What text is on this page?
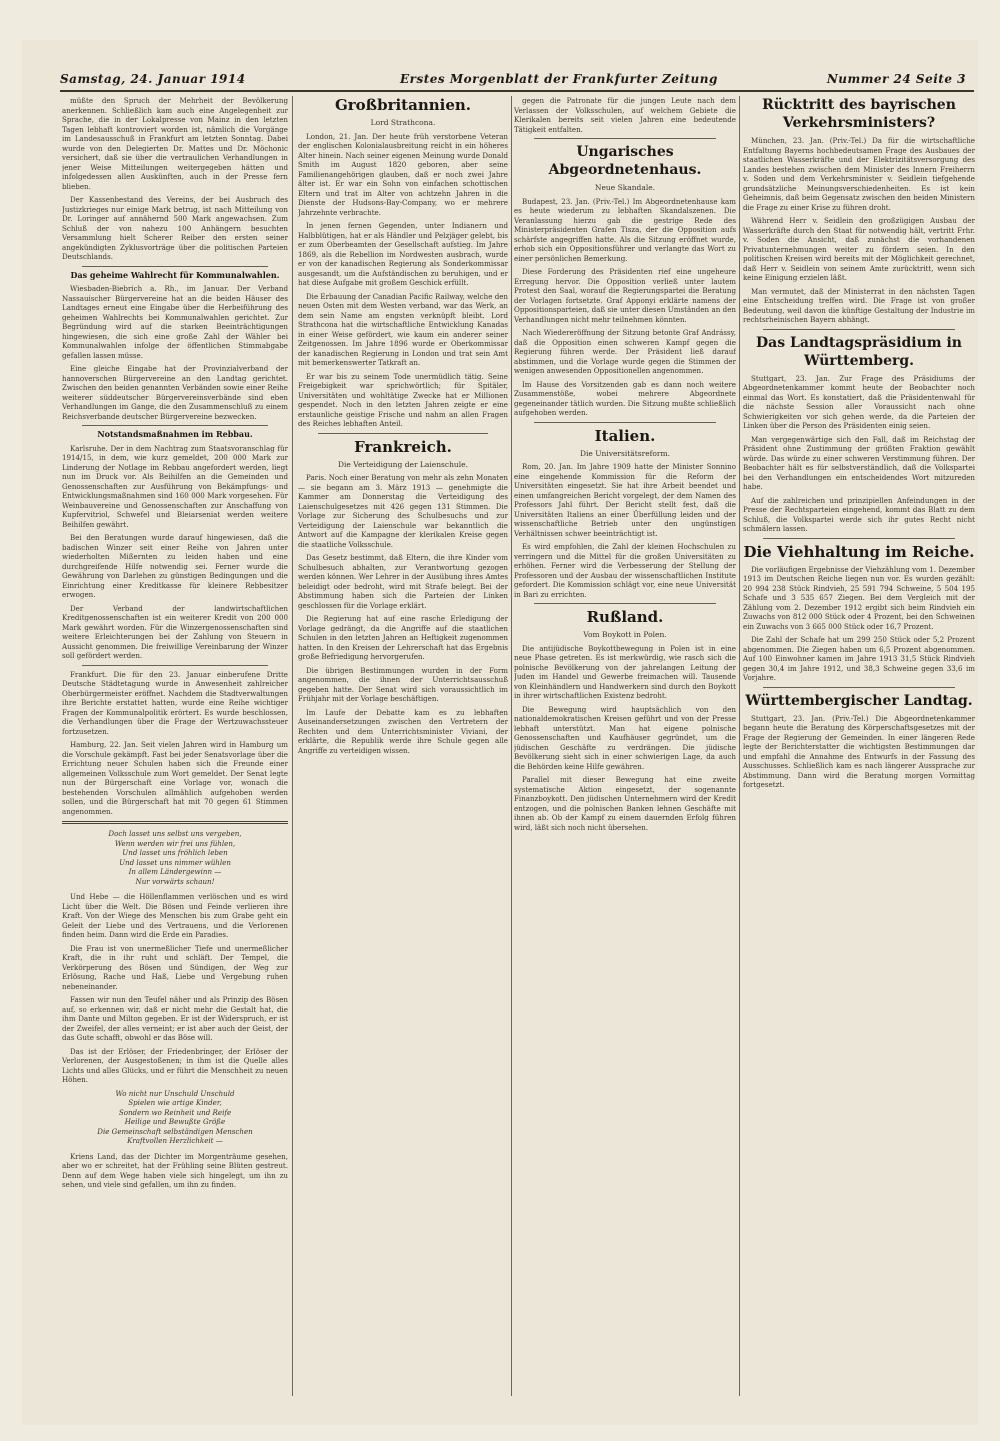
Samstag, 24. Januar 1914	Erstes Morgenblatt der Frankfurter Zeitung	Nummer 24 Seite 3

müßte den Spruch der Mehrheit der Bevölkerung anerkennen. Schließlich kam auch eine Angelegenheit zur Sprache, die in der Lokalpresse von Mainz in den letzten Tagen lebhaft kontroviert worden ist, nämlich die Vorgänge im Landesausschuß in Frankfurt am letzten Sonntag. Dabei wurde von den Delegierten Dr. Mattes und Dr. Möchonic versichert, daß sie über die vertraulichen Verhandlungen in jener Weise Mitteilungen weitergegeben hätten und infolgedessen allen Auskünften, auch in der Presse fern blieben.

Der Kassenbestand des Vereins, der bei Ausbruch des Justizkrieges nur einige Mark betrug, ist nach Mitteilung von Dr. Loringer auf annähernd 500 Mark angewachsen. Zum Schluß der von nahezu 100 Anhängern besuchten Versammlung hielt Scherer Reiber den ersten seiner angekündigten Zyklusvorträge über die politischen Parteien Deutschlands.

Das geheime Wahlrecht für Kommunalwahlen.

Wiesbaden-Biebrich a. Rh., im Januar. Der Verband Nassauischer Bürgervereine hat an die beiden Häuser des Landtages erneut eine Eingabe über die Herbeiführung des geheimen Wahlrechts bei Kommunalwahlen gerichtet. Zur Begründung wird auf die starken Beeinträchtigungen hingewiesen, die sich eine große Zahl der Wähler bei Kommunalwahlen infolge der öffentlichen Stimmabgabe gefallen lassen müsse.

Eine gleiche Eingabe hat der Provinzialverband der hannoverschen Bürgervereine an den Landtag gerichtet. Zwischen den beiden genannten Verbänden sowie einer Reihe weiterer süddeutscher Bürgervereinsverbände sind eben Verhandlungen im Gange, die den Zusammenschluß zu einem Reichsverbande deutscher Bürgervereine bezwecken.

Notstandsmaßnahmen im Rebbau.

Karlsruhe. Der in dem Nachtrag zum Staatsvoranschlag für 1914/15, in dem, wie kurz gemeldet, 200 000 Mark zur Linderung der Notlage im Rebbau angefordert werden, liegt nun im Druck vor. Als Beihilfen an die Gemeinden und Genossenschaften zur Ausführung von Bekämpfungs- und Entwicklungsmaßnahmen sind 160 000 Mark vorgesehen. Für Weinbauvereine und Genossenschaften zur Anschaffung von Kupfervitriol, Schwefel und Bleiarseniat werden weitere Beihilfen gewährt.

Bei den Beratungen wurde darauf hingewiesen, daß die badischen Winzer seit einer Reihe von Jahren unter wiederholten Mißernten zu leiden haben und eine durchgreifende Hilfe notwendig sei. Ferner wurde die Gewährung von Darlehen zu günstigen Bedingungen und die Einrichtung einer Kreditkasse für kleinere Rebbesitzer erwogen.

Der Verband der landwirtschaftlichen Kreditgenossenschaften ist ein weiterer Kredit von 200 000 Mark gewährt worden. Für die Winzergenossenschaften sind weitere Erleichterungen bei der Zahlung von Steuern in Aussicht genommen. Die freiwillige Vereinbarung der Winzer soll gefördert werden.

Frankfurt. Die für den 23. Januar einberufene Dritte Deutsche Städtetagung wurde in Anwesenheit zahlreicher Oberbürgermeister eröffnet. Nachdem die Stadtverwaltungen ihre Berichte erstattet hatten, wurde eine Reihe wichtiger Fragen der Kommunalpolitik erörtert. Es wurde beschlossen, die Verhandlungen über die Frage der Wertzuwachssteuer fortzusetzen.

Hamburg, 22. Jan. Seit vielen Jahren wird in Hamburg um die Vorschule gekämpft. Fast bei jeder Senatsvorlage über die Errichtung neuer Schulen haben sich die Freunde einer allgemeinen Volksschule zum Wort gemeldet. Der Senat legte nun der Bürgerschaft eine Vorlage vor, wonach die bestehenden Vorschulen allmählich aufgehoben werden sollen, und die Bürgerschaft hat mit 70 gegen 61 Stimmen angenommen.

Doch lasset uns selbst uns vergeben,
Wenn werden wir frei uns fühlen,
Und lasset uns fröhlich leben
Und lasset uns nimmer wühlen
In allem Ländergewinn —
Nur vorwärts schaun!

Und Hebe — die Höllenflammen verlöschen und es wird Licht über die Welt. Die Bösen und Feinde verlieren ihre Kraft. Von der Wiege des Menschen bis zum Grabe geht ein Geleit der Liebe und des Vertrauens, und die Verlorenen finden heim. Dann wird die Erde ein Paradies.

Die Frau ist von unermeßlicher Tiefe und unermeßlicher Kraft, die in ihr ruht und schläft. Der Tempel, die Verkörperung des Bösen und Sündigen, der Weg zur Erlösung, Rache und Haß, Liebe und Vergebung ruhen nebeneinander.

Fassen wir nun den Teufel näher und als Prinzip des Bösen auf, so erkennen wir, daß er nicht mehr die Gestalt hat, die ihm Dante und Milton gegeben. Er ist der Widerspruch, er ist der Zweifel, der alles verneint; er ist aber auch der Geist, der das Gute schafft, obwohl er das Böse will.

Das ist der Erlöser, der Friedenbringer, der Erlöser der Verlorenen, der Ausgestoßenen; in ihm ist die Quelle alles Lichts und alles Glücks, und er führt die Menschheit zu neuen Höhen.

Wo nicht nur Unschuld Unschuld
Spielen wie artige Kinder,
Sondern wo Reinheit und Reife
Heilige und Bewußte Größe
Die Gemeinschaft selbständigen Menschen
Kraftvollen Herzlichkeit —

Kriens Land, das der Dichter im Morgenträume gesehen, aber wo er schreitet, hat der Frühling seine Blüten gestreut. Denn auf dem Wege haben viele sich hingelegt, um ihn zu sehen, und viele sind gefallen, um ihn zu finden.

Großbritannien.

Lord Strathcona.

London, 21. Jan. Der heute früh verstorbene Veteran der englischen Kolonialausbreitung reicht in ein höheres Alter hinein. Nach seiner eigenen Meinung wurde Donald Smith im August 1820 geboren, aber seine Familienangehörigen glauben, daß er noch zwei Jahre älter ist. Er war ein Sohn von einfachen schottischen Eltern und trat im Alter von achtzehn Jahren in die Dienste der Hudsons-Bay-Company, wo er mehrere Jahrzehnte verbrachte.

In jenen fernen Gegenden, unter Indianern und Halbblütigen, hat er als Händler und Pelzjäger gelebt, bis er zum Oberbeamten der Gesellschaft aufstieg. Im Jahre 1869, als die Rebellion im Nordwesten ausbrach, wurde er von der kanadischen Regierung als Sonderkommissar ausgesandt, um die Aufständischen zu beruhigen, und er hat diese Aufgabe mit großem Geschick erfüllt.

Die Erbauung der Canadian Pacific Railway, welche den neuen Osten mit dem Westen verband, war das Werk, an dem sein Name am engsten verknüpft bleibt. Lord Strathcona hat die wirtschaftliche Entwicklung Kanadas in einer Weise gefördert, wie kaum ein anderer seiner Zeitgenossen. Im Jahre 1896 wurde er Oberkommissar der kanadischen Regierung in London und trat sein Amt mit bemerkenswerter Tatkraft an.

Er war bis zu seinem Tode unermüdlich tätig. Seine Freigebigkeit war sprichwörtlich; für Spitäler, Universitäten und wohltätige Zwecke hat er Millionen gespendet. Noch in den letzten Jahren zeigte er eine erstaunliche geistige Frische und nahm an allen Fragen des Reiches lebhaften Anteil.

Frankreich.

Die Verteidigung der Laienschule.

Paris. Noch einer Beratung von mehr als zehn Monaten — sie begann am 3. März 1913 — genehmigte die Kammer am Donnerstag die Verteidigung des Laienschulgesetzes mit 426 gegen 131 Stimmen. Die Vorlage zur Sicherung des Schulbesuchs und zur Verteidigung der Laienschule war bekanntlich die Antwort auf die Kampagne der klerikalen Kreise gegen die staatliche Volksschule.

Das Gesetz bestimmt, daß Eltern, die ihre Kinder vom Schulbesuch abhalten, zur Verantwortung gezogen werden können. Wer Lehrer in der Ausübung ihres Amtes beleidigt oder bedroht, wird mit Strafe belegt. Bei der Abstimmung haben sich die Parteien der Linken geschlossen für die Vorlage erklärt.

Die Regierung hat auf eine rasche Erledigung der Vorlage gedrängt, da die Angriffe auf die staatlichen Schulen in den letzten Jahren an Heftigkeit zugenommen hatten. In den Kreisen der Lehrerschaft hat das Ergebnis große Befriedigung hervorgerufen.

Die übrigen Bestimmungen wurden in der Form angenommen, die ihnen der Unterrichtsausschuß gegeben hatte. Der Senat wird sich voraussichtlich im Frühjahr mit der Vorlage beschäftigen.

Im Laufe der Debatte kam es zu lebhaften Auseinandersetzungen zwischen den Vertretern der Rechten und dem Unterrichtsminister Viviani, der erklärte, die Republik werde ihre Schule gegen alle Angriffe zu verteidigen wissen.

gegen die Patronate für die jungen Leute nach dem Verlassen der Volksschulen, auf welchem Gebiete die Klerikalen bereits seit vielen Jahren eine bedeutende Tätigkeit entfalten.

Ungarisches Abgeordnetenhaus.

Neue Skandale.

Budapest, 23. Jan. (Priv.-Tel.) Im Abgeordnetenhause kam es heute wiederum zu lebhaften Skandalszenen. Die Veranlassung hierzu gab die gestrige Rede des Ministerpräsidenten Grafen Tisza, der die Opposition aufs schärfste angegriffen hatte. Als die Sitzung eröffnet wurde, erhob sich ein Oppositionsführer und verlangte das Wort zu einer persönlichen Bemerkung.

Diese Forderung des Präsidenten rief eine ungeheure Erregung hervor. Die Opposition verließ unter lautem Protest den Saal, worauf die Regierungspartei die Beratung der Vorlagen fortsetzte. Graf Apponyi erklärte namens der Oppositionsparteien, daß sie unter diesen Umständen an den Verhandlungen nicht mehr teilnehmen könnten.

Nach Wiedereröffnung der Sitzung betonte Graf Andrássy, daß die Opposition einen schweren Kampf gegen die Regierung führen werde. Der Präsident ließ darauf abstimmen, und die Vorlage wurde gegen die Stimmen der wenigen anwesenden Oppositionellen angenommen.

Im Hause des Vorsitzenden gab es dann noch weitere Zusammenstöße, wobei mehrere Abgeordnete gegeneinander tätlich wurden. Die Sitzung mußte schließlich aufgehoben werden.

Italien.

Die Universitätsreform.

Rom, 20. Jan. Im Jahre 1909 hatte der Minister Sonnino eine eingehende Kommission für die Reform der Universitäten eingesetzt. Sie hat ihre Arbeit beendet und einen umfangreichen Bericht vorgelegt, der dem Namen des Professors Jahl führt. Der Bericht stellt fest, daß die Universitäten Italiens an einer Überfüllung leiden und der wissenschaftliche Betrieb unter den ungünstigen Verhältnissen schwer beeinträchtigt ist.

Es wird empfohlen, die Zahl der kleinen Hochschulen zu verringern und die Mittel für die großen Universitäten zu erhöhen. Ferner wird die Verbesserung der Stellung der Professoren und der Ausbau der wissenschaftlichen Institute gefordert. Die Kommission schlägt vor, eine neue Universität in Bari zu errichten.

Rußland.

Vom Boykott in Polen.

Die antijüdische Boykottbewegung in Polen ist in eine neue Phase getreten. Es ist merkwürdig, wie rasch sich die polnische Bevölkerung von der jahrelangen Leitung der Juden im Handel und Gewerbe freimachen will. Tausende von Kleinhändlern und Handwerkern sind durch den Boykott in ihrer wirtschaftlichen Existenz bedroht.

Die Bewegung wird hauptsächlich von den nationaldemokratischen Kreisen geführt und von der Presse lebhaft unterstützt. Man hat eigene polnische Genossenschaften und Kaufhäuser gegründet, um die jüdischen Geschäfte zu verdrängen. Die jüdische Bevölkerung sieht sich in einer schwierigen Lage, da auch die Behörden keine Hilfe gewähren.

Parallel mit dieser Bewegung hat eine zweite systematische Aktion eingesetzt, der sogenannte Finanzboykott. Den jüdischen Unternehmern wird der Kredit entzogen, und die polnischen Banken lehnen Geschäfte mit ihnen ab. Ob der Kampf zu einem dauernden Erfolg führen wird, läßt sich noch nicht übersehen.

Rücktritt des bayrischen Verkehrsministers?

München, 23. Jan. (Priv.-Tel.) Da für die wirtschaftliche Entfaltung Bayerns hochbedeutsamen Frage des Ausbaues der staatlichen Wasserkräfte und der Elektrizitätsversorgung des Landes bestehen zwischen dem Minister des Innern Freiherrn v. Soden und dem Verkehrsminister v. Seidlein tiefgehende grundsätzliche Meinungsverschiedenheiten. Es ist kein Geheimnis, daß beim Gegensatz zwischen den beiden Ministern die Frage zu einer Krise zu führen droht.

Während Herr v. Seidlein den großzügigen Ausbau der Wasserkräfte durch den Staat für notwendig hält, vertritt Frhr. v. Soden die Ansicht, daß zunächst die vorhandenen Privatunternehmungen weiter zu fördern seien. In den politischen Kreisen wird bereits mit der Möglichkeit gerechnet, daß Herr v. Seidlein von seinem Amte zurücktritt, wenn sich keine Einigung erzielen läßt.

Man vermutet, daß der Ministerrat in den nächsten Tagen eine Entscheidung treffen wird. Die Frage ist von großer Bedeutung, weil davon die künftige Gestaltung der Industrie im rechtsrheinischen Bayern abhängt.

Das Landtagspräsidium in Württemberg.

Stuttgart, 23. Jan. Zur Frage des Präsidiums der Abgeordnetenkammer kommt heute der Beobachter noch einmal das Wort. Es konstatiert, daß die Präsidentenwahl für die nächste Session aller Voraussicht nach ohne Schwierigkeiten vor sich gehen werde, da die Parteien der Linken über die Person des Präsidenten einig seien.

Man vergegenwärtige sich den Fall, daß im Reichstag der Präsident ohne Zustimmung der größten Fraktion gewählt würde. Das würde zu einer schweren Verstimmung führen. Der Beobachter hält es für selbstverständlich, daß die Volkspartei bei den Verhandlungen ein entscheidendes Wort mitzureden habe.

Auf die zahlreichen und prinzipiellen Anfeindungen in der Presse der Rechtsparteien eingehend, kommt das Blatt zu dem Schluß, die Volkspartei werde sich ihr gutes Recht nicht schmälern lassen.

Die Viehhaltung im Reiche.

Die vorläufigen Ergebnisse der Viehzählung vom 1. Dezember 1913 im Deutschen Reiche liegen nun vor. Es wurden gezählt: 20 994 238 Stück Rindvieh, 25 591 794 Schweine, 5 504 195 Schafe und 3 535 657 Ziegen. Bei dem Vergleich mit der Zählung vom 2. Dezember 1912 ergibt sich beim Rindvieh ein Zuwachs von 812 000 Stück oder 4 Prozent, bei den Schweinen ein Zuwachs von 3 665 000 Stück oder 16,7 Prozent.

Die Zahl der Schafe hat um 299 250 Stück oder 5,2 Prozent abgenommen. Die Ziegen haben um 6,5 Prozent abgenommen. Auf 100 Einwohner kamen im Jahre 1913 31,5 Stück Rindvieh gegen 30,4 im Jahre 1912, und 38,3 Schweine gegen 33,6 im Vorjahre.

Württembergischer Landtag.

Stuttgart, 23. Jan. (Priv.-Tel.) Die Abgeordnetenkammer begann heute die Beratung des Körperschaftsgesetzes mit der Frage der Regierung der Gemeinden. In einer längeren Rede legte der Berichterstatter die wichtigsten Bestimmungen dar und empfahl die Annahme des Entwurfs in der Fassung des Ausschusses. Schließlich kam es nach längerer Aussprache zur Abstimmung. Dann wird die Beratung morgen Vormittag fortgesetzt.
